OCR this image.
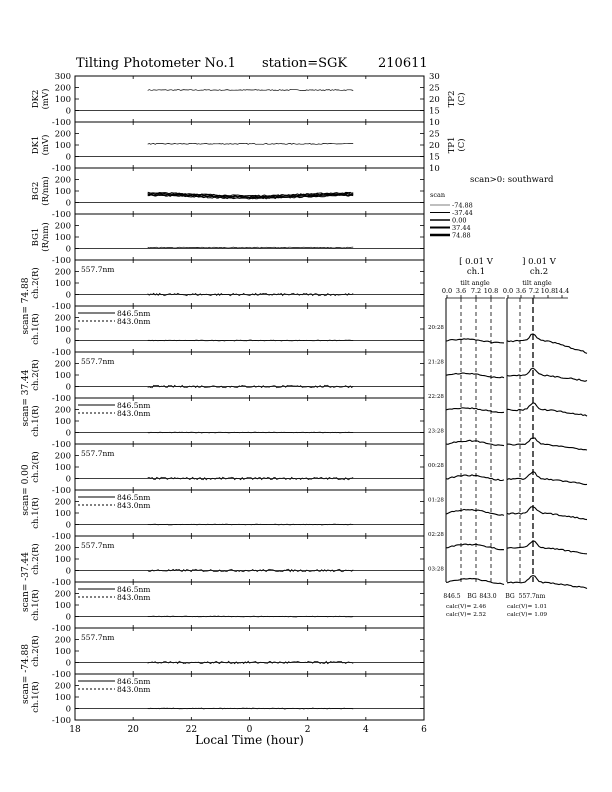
Tilting Photometer No.1 station=SGK 210611
300
200
100
0
-100
DK2 (mV)
200
100
0
-100
DK1 (mV)
200
100
0
-100
BG2 (R/nm)
200
100
0
-100
BG1 (R/nm)
200
100
0
-100
ch.2(R)	557.7nm
200
100
0
-100
ch.1(R)	846.5nm
843.0nm
200
100
0
-100
ch.2(R)	557.7nm
200
100
0
-100
ch.1(R)	846.5nm
843.0nm
200
100
0
-100
ch.2(R)	557.7nm
200
100
0
-100
ch.1(R)	846.5nm
843.0nm
200
100
0
-100
ch.2(R)	557.7nm
200
100
0
-100
ch.1(R)	846.5nm
843.0nm
200
100
0
-100
ch.2(R)	557.7nm
200
100
0
-100
ch.1(R)	846.5nm
843.0nm
scan= 74.88
scan= 37.44
scan= 0.00
scan= -37.44
scan= -74.88
30
25
20
15
10
TP2 (C)
25
20
15
10
TP1 (C)
18	20	22	0	2	4	6
Local Time (hour)
scan>0: southward
scan
-74.88
-37.44
0.00
37.44
74.88
[ 0.01 V
ch.1
] 0.01 V
ch.2
tilt angle	tilt angle
0.0 3.6 7.2 10.8 0.0 3.6 7.2 10.8 14.4
20:28
21:28
22:28
23:28
00:28
01:28
02:28
03:28
846.5 BG 843.0 BG 557.7nm
calc(V)= 2.46
calc(V)= 2.52
calc(V)= 1.01
calc(V)= 1.09
